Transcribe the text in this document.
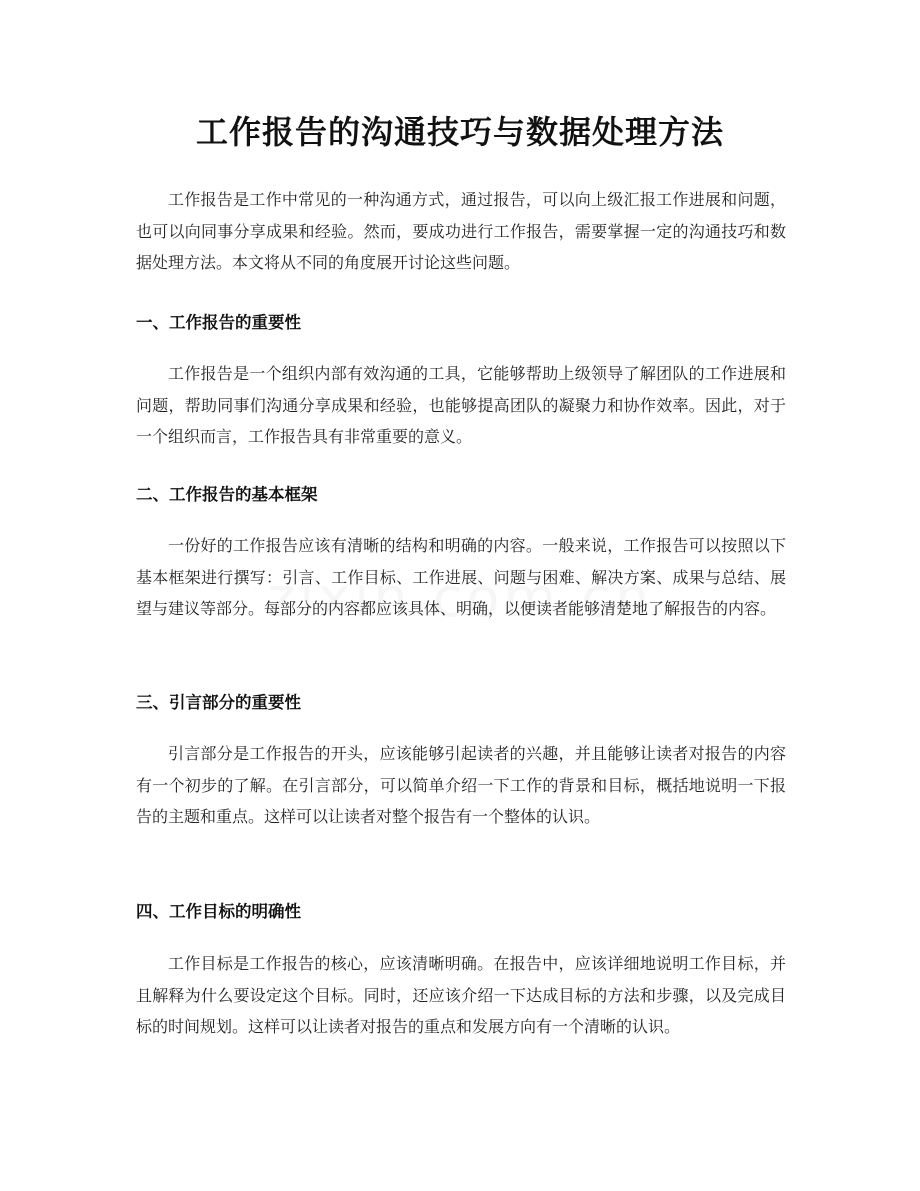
工作报告的沟通技巧与数据处理方法

工作报告是工作中常见的一种沟通方式，通过报告，可以向上级汇报工作进展和问题，也可以向同事分享成果和经验。然而，要成功进行工作报告，需要掌握一定的沟通技巧和数据处理方法。本文将从不同的角度展开讨论这些问题。

一、工作报告的重要性

工作报告是一个组织内部有效沟通的工具，它能够帮助上级领导了解团队的工作进展和问题，帮助同事们沟通分享成果和经验，也能够提高团队的凝聚力和协作效率。因此，对于一个组织而言，工作报告具有非常重要的意义。

二、工作报告的基本框架

一份好的工作报告应该有清晰的结构和明确的内容。一般来说，工作报告可以按照以下基本框架进行撰写：引言、工作目标、工作进展、问题与困难、解决方案、成果与总结、展望与建议等部分。每部分的内容都应该具体、明确，以便读者能够清楚地了解报告的内容。

三、引言部分的重要性

引言部分是工作报告的开头，应该能够引起读者的兴趣，并且能够让读者对报告的内容有一个初步的了解。在引言部分，可以简单介绍一下工作的背景和目标，概括地说明一下报告的主题和重点。这样可以让读者对整个报告有一个整体的认识。

四、工作目标的明确性

工作目标是工作报告的核心，应该清晰明确。在报告中，应该详细地说明工作目标，并且解释为什么要设定这个目标。同时，还应该介绍一下达成目标的方法和步骤，以及完成目标的时间规划。这样可以让读者对报告的重点和发展方向有一个清晰的认识。
